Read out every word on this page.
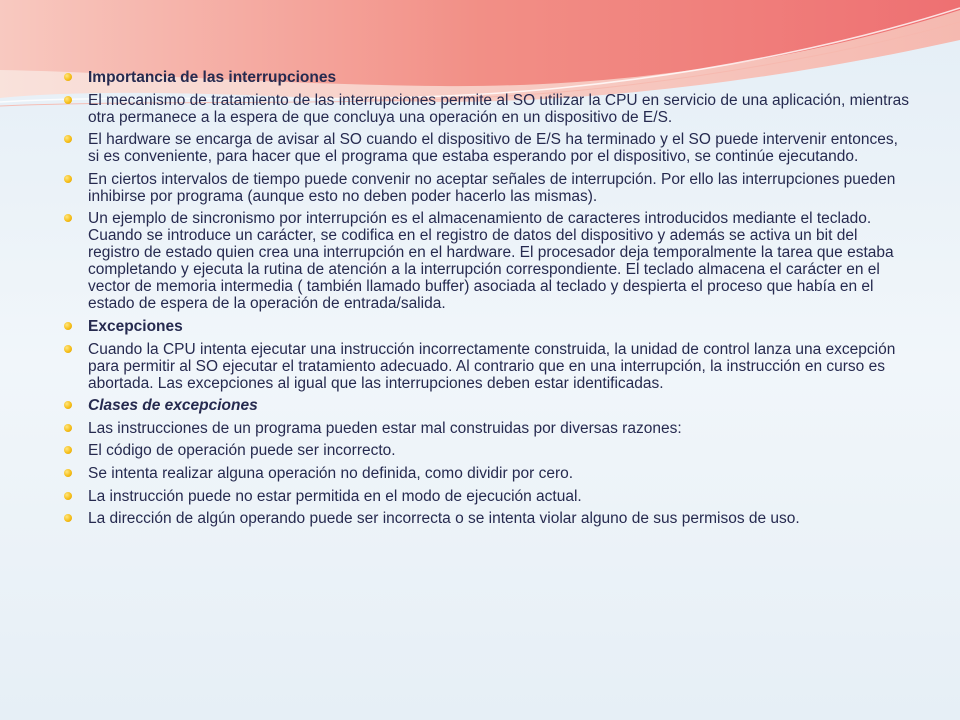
Importancia de las interrupciones
El mecanismo de tratamiento de las interrupciones permite al SO utilizar la CPU en servicio de una aplicación, mientras otra permanece a la espera de que concluya una operación en un dispositivo de E/S.
El hardware se encarga de avisar al SO cuando el dispositivo de E/S ha terminado y el SO puede intervenir entonces, si es conveniente, para hacer que el programa que estaba esperando por el dispositivo, se continúe ejecutando.
En ciertos intervalos de tiempo puede convenir no aceptar señales de interrupción. Por ello las interrupciones pueden inhibirse por programa (aunque esto no deben poder hacerlo las mismas).
Un ejemplo de sincronismo por interrupción es el almacenamiento de caracteres introducidos mediante el teclado. Cuando se introduce un carácter, se codifica en el registro de datos del dispositivo y además se activa un bit del registro de estado quien crea una interrupción en el hardware. El procesador deja temporalmente la tarea que estaba completando y ejecuta la rutina de atención a la interrupción correspondiente. El teclado almacena el carácter en el vector de memoria intermedia ( también llamado buffer) asociada al teclado y despierta el proceso que había en el estado de espera de la operación de entrada/salida.
Excepciones
Cuando la CPU intenta ejecutar una instrucción incorrectamente construida, la unidad de control lanza una excepción para permitir al SO ejecutar el tratamiento adecuado. Al contrario que en una interrupción, la instrucción en curso es abortada. Las excepciones al igual que las interrupciones deben estar identificadas.
Clases de excepciones
Las instrucciones de un programa pueden estar mal construidas por diversas razones:
El código de operación puede ser incorrecto.
Se intenta realizar alguna operación no definida, como dividir por cero.
La instrucción puede no estar permitida en el modo de ejecución actual.
La dirección de algún operando puede ser incorrecta o se intenta violar alguno de sus permisos de uso.
